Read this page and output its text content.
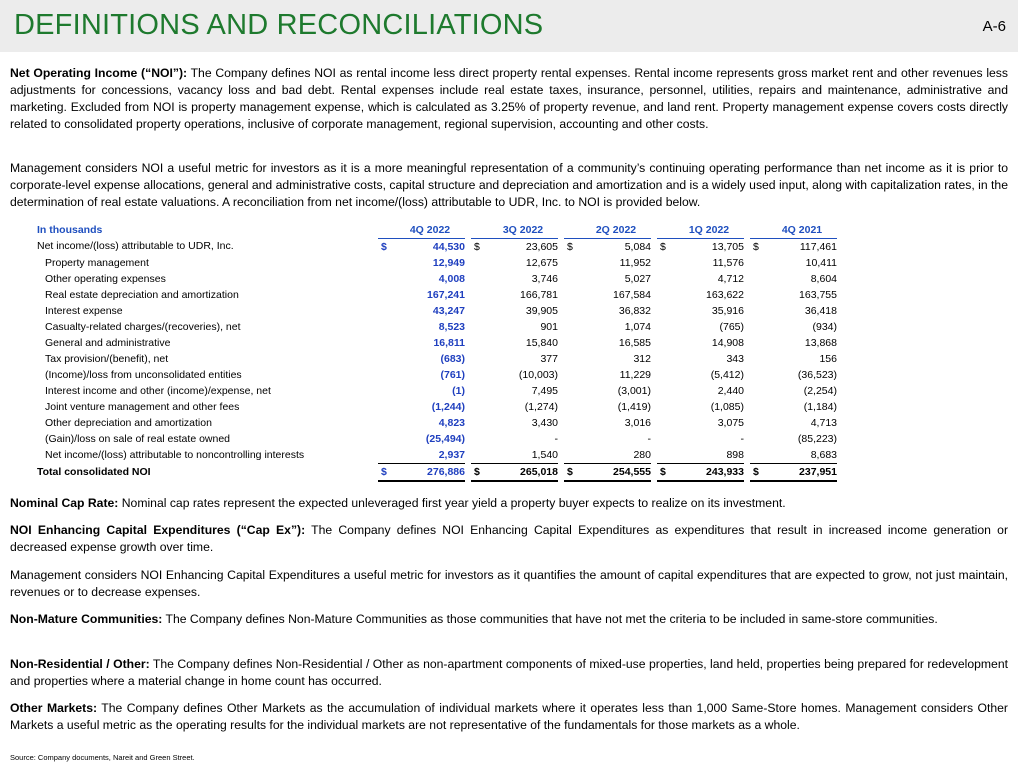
DEFINITIONS AND RECONCILIATIONS	A-6
Net Operating Income (“NOI”): The Company defines NOI as rental income less direct property rental expenses. Rental income represents gross market rent and other revenues less adjustments for concessions, vacancy loss and bad debt. Rental expenses include real estate taxes, insurance, personnel, utilities, repairs and maintenance, administrative and marketing. Excluded from NOI is property management expense, which is calculated as 3.25% of property revenue, and land rent. Property management expense covers costs directly related to consolidated property operations, inclusive of corporate management, regional supervision, accounting and other costs.
Management considers NOI a useful metric for investors as it is a more meaningful representation of a community’s continuing operating performance than net income as it is prior to corporate-level expense allocations, general and administrative costs, capital structure and depreciation and amortization and is a widely used input, along with capitalization rates, in the determination of real estate valuations. A reconciliation from net income/(loss) attributable to UDR, Inc. to NOI is provided below.
In thousands		4Q 2022			3Q 2022			2Q 2022			1Q 2022			4Q 2021
Net income/(loss) attributable to UDR, Inc.	$	44,530		$	23,605		$	5,084		$	13,705		$	117,461
Property management		12,949			12,675			11,952			11,576			10,411
Other operating expenses		4,008			3,746			5,027			4,712			8,604
Real estate depreciation and amortization		167,241			166,781			167,584			163,622			163,755
Interest expense		43,247			39,905			36,832			35,916			36,418
Casualty-related charges/(recoveries), net		8,523			901			1,074			(765)			(934)
General and administrative		16,811			15,840			16,585			14,908			13,868
Tax provision/(benefit), net		(683)			377			312			343			156
(Income)/loss from unconsolidated entities		(761)			(10,003)			11,229			(5,412)			(36,523)
Interest income and other (income)/expense, net		(1)			7,495			(3,001)			2,440			(2,254)
Joint venture management and other fees		(1,244)			(1,274)			(1,419)			(1,085)			(1,184)
Other depreciation and amortization		4,823			3,430			3,016			3,075			4,713
(Gain)/loss on sale of real estate owned		(25,494)			-			-			-			(85,223)
Net income/(loss) attributable to noncontrolling interests		2,937			1,540			280			898			8,683
Total consolidated NOI	$	276,886		$	265,018		$	254,555		$	243,933		$	237,951
Nominal Cap Rate: Nominal cap rates represent the expected unleveraged first year yield a property buyer expects to realize on its investment.
NOI Enhancing Capital Expenditures (“Cap Ex”): The Company defines NOI Enhancing Capital Expenditures as expenditures that result in increased income generation or decreased expense growth over time.
Management considers NOI Enhancing Capital Expenditures a useful metric for investors as it quantifies the amount of capital expenditures that are expected to grow, not just maintain, revenues or to decrease expenses.
Non-Mature Communities: The Company defines Non-Mature Communities as those communities that have not met the criteria to be included in same-store communities.
Non-Residential / Other: The Company defines Non-Residential / Other as non-apartment components of mixed-use properties, land held, properties being prepared for redevelopment and properties where a material change in home count has occurred.
Other Markets: The Company defines Other Markets as the accumulation of individual markets where it operates less than 1,000 Same-Store homes. Management considers Other Markets a useful metric as the operating results for the individual markets are not representative of the fundamentals for those markets as a whole.
Source: Company documents, Nareit and Green Street.
